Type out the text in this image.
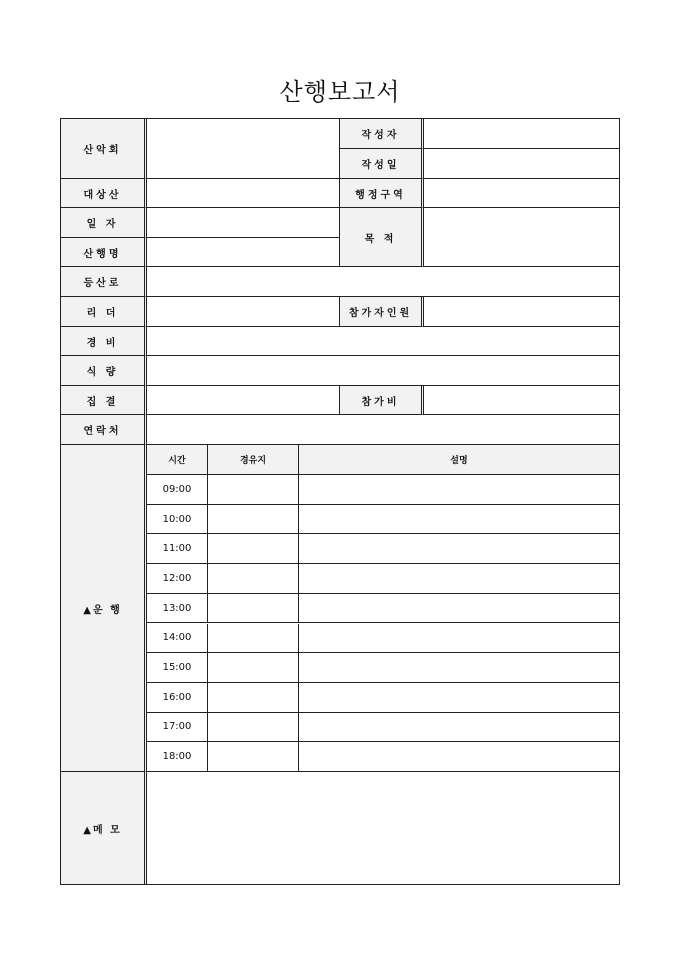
산행보고서
산악회
작성자
작성일
대상산	행정구역
일 자
산행명
목 적
등산로
리 더	참가자인원
경 비
식 량
집 결	참가비
연락처
▲운 행
시간	경유지	설명
09:00
10:00
11:00
12:00
13:00
14:00
15:00
16:00
17:00
18:00
▲메 모
